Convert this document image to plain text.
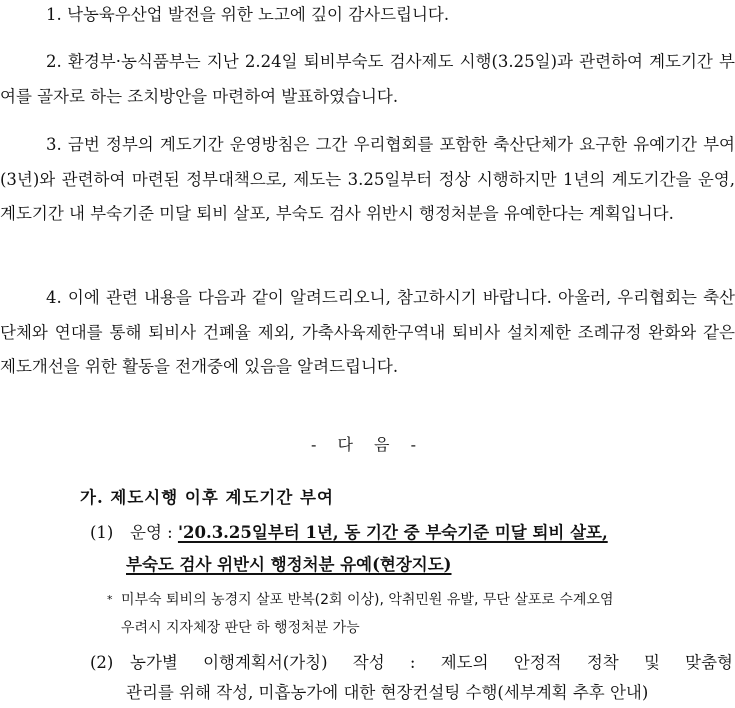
1. 낙농육우산업 발전을 위한 노고에 깊이 감사드립니다.
2. 환경부·농식품부는 지난 2.24일 퇴비부숙도 검사제도 시행(3.25일)과 관련하여 계도기간 부여를 골자로 하는 조치방안을 마련하여 발표하였습니다.
3. 금번 정부의 계도기간 운영방침은 그간 우리협회를 포함한 축산단체가 요구한 유예기간 부여(3년)와 관련하여 마련된 정부대책으로, 제도는 3.25일부터 정상 시행하지만 1년의 계도기간을 운영, 계도기간 내 부숙기준 미달 퇴비 살포, 부숙도 검사 위반시 행정처분을 유예한다는 계획입니다.
4. 이에 관련 내용을 다음과 같이 알려드리오니, 참고하시기 바랍니다. 아울러, 우리협회는 축산단체와 연대를 통해 퇴비사 건폐율 제외, 가축사육제한구역내 퇴비사 설치제한 조례규정 완화와 같은 제도개선을 위한 활동을 전개중에 있음을 알려드립니다.
- 다 음 -
가. 제도시행 이후 계도기간 부여
(1) 운영 : '20.3.25일부터 1년, 동 기간 중 부숙기준 미달 퇴비 살포,
부숙도 검사 위반시 행정처분 유예(현장지도)
* 미부숙 퇴비의 농경지 살포 반복(2회 이상), 악취민원 유발, 무단 살포로 수계오염
우려시 지자체장 판단 하 행정처분 가능
(2) 농가별 이행계획서(가칭) 작성 : 제도의 안정적 정착 및 맞춤형
관리를 위해 작성, 미흡농가에 대한 현장컨설팅 수행(세부계획 추후 안내)
